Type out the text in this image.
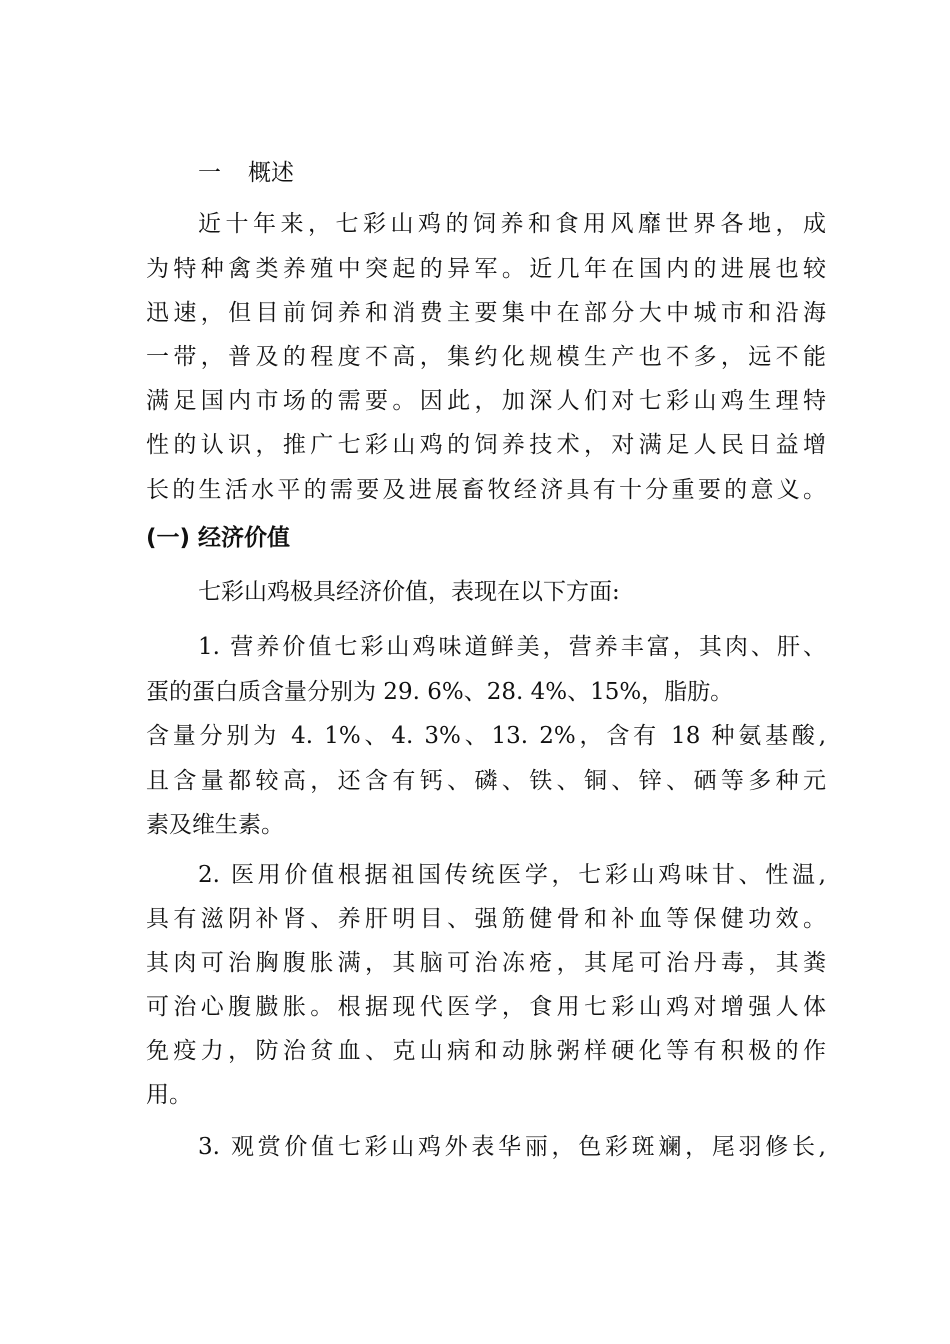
一 概述
近十年来，七彩山鸡的饲养和食用风靡世界各地，成
为特种禽类养殖中突起的异军。近几年在国内的进展也较
迅速，但目前饲养和消费主要集中在部分大中城市和沿海
一带，普及的程度不高，集约化规模生产也不多，远不能
满足国内市场的需要。因此，加深人们对七彩山鸡生理特
性的认识，推广七彩山鸡的饲养技术，对满足人民日益增
长的生活水平的需要及进展畜牧经济具有十分重要的意义。
(一) 经济价值
七彩山鸡极具经济价值，表现在以下方面:
1. 营养价值七彩山鸡味道鲜美，营养丰富，其肉、肝、
蛋的蛋白质含量分别为 29. 6%、28. 4%、15%，脂肪。
含量分别为 4. 1%、4. 3%、13. 2%，含有 18 种氨基酸,
且含量都较高，还含有钙、磷、铁、铜、锌、硒等多种元
素及维生素。
2. 医用价值根据祖国传统医学，七彩山鸡味甘、性温,
具有滋阴补肾、养肝明目、强筋健骨和补血等保健功效。
其肉可治胸腹胀满，其脑可治冻疮，其尾可治丹毒，其粪
可治心腹臌胀。根据现代医学，食用七彩山鸡对增强人体
免疫力，防治贫血、克山病和动脉粥样硬化等有积极的作
用。
3. 观赏价值七彩山鸡外表华丽，色彩斑斓，尾羽修长,
